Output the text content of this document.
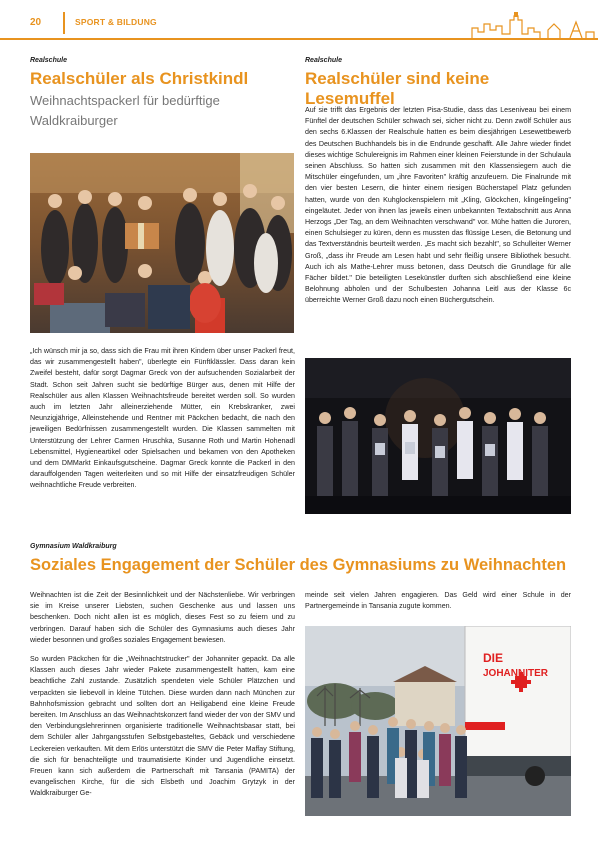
20	SPORT & BILDUNG
Realschule
Realschüler als Christkindl
Weihnachtspackerl für bedürftige Waldkraiburger

„Ich wünsch mir ja so, dass sich die Frau mit ihren Kindern über unser Packerl freut, das wir zusammengestellt haben", überlegte ein Fünftklässler. Dass daran kein Zweifel besteht, dafür sorgt Dagmar Greck von der aufsuchenden Sozialarbeit der Stadt. Schon seit Jahren sucht sie bedürftige Bürger aus, denen mit Hilfe der Realschüler aus allen Klassen Weihnachtsfreude bereitet werden soll. So wurden auch im letzten Jahr alleinerziehende Mütter, ein Krebskranker, zwei Neunzigjährige, Alleinstehende und Rentner mit Päckchen bedacht, die nach den jeweiligen Bedürfnissen zusammengestellt wurden. Die Klassen sammelten mit Unterstützung der Lehrer Carmen Hruschka, Susanne Roth und Martin Hohenadl Lebensmittel, Hygieneartikel oder Spielsachen und bekamen von den Apotheken und dem DMMarkt Einkaufsgutscheine. Dagmar Greck konnte die Packerl in den darauffolgenden Tagen weiterleiten und so mit Hilfe der einsatzfreudigen Schüler weihnachtliche Freude verbreiten.

Realschule
Realschüler sind keine Lesemuffel

Auf sie trifft das Ergebnis der letzten Pisa-Studie, dass das Leseniveau bei einem Fünftel der deutschen Schüler schwach sei, sicher nicht zu. Denn zwölf Schüler aus den sechs 6.Klassen der Realschule hatten es beim diesjährigen Lesewettbewerb des Deutschen Buchhandels bis in die Endrunde geschafft. Alle Jahre wieder findet dieses wichtige Schulereignis im Rahmen einer kleinen Feierstunde in der Schulaula seinen Abschluss. So hatten sich zusammen mit den Klassensiegern auch die Mitschüler eingefunden, um „ihre Favoriten" kräftig anzufeuern. Die Finalrunde mit den vier besten Lesern, die hinter einem riesigen Bücherstapel Platz gefunden hatten, wurde von den Kuhglockenspielern mit „Kling, Glöckchen, klingelingeling" eingeläutet. Jeder von ihnen las jeweils einen unbekannten Textabschnitt aus Anna Herzogs „Der Tag, an dem Weihnachten verschwand" vor. Mühe hatten die Juroren, einen Schulsieger zu küren, denn es mussten das flüssige Lesen, die Betonung und das Textverständnis beurteilt werden. „Es macht sich bezahlt", so Schulleiter Werner Groß, „dass ihr Freude am Lesen habt und sehr fleißig unsere Bibliothek besucht. Auch ich als Mathe-Lehrer muss betonen, dass Deutsch die Grundlage für alle Fächer bildet." Die beteiligten Lesekünstler durften sich abschließend eine kleine Belohnung abholen und der Schulbesten Johanna Leitl aus der Klasse 6c überreichte Werner Groß dazu noch einen Büchergutschein.

Gymnasium Waldkraiburg
Soziales Engagement der Schüler des Gymnasiums zu Weihnachten

Weihnachten ist die Zeit der Besinnlichkeit und der Nächstenliebe. Wir verbringen sie im Kreise unserer Liebsten, suchen Geschenke aus und lassen uns beschenken. Doch nicht allen ist es möglich, dieses Fest so zu feiern und zu verbringen. Darauf haben sich die Schüler des Gymnasiums auch dieses Jahr wieder besonnen und großes soziales Engagement bewiesen.

So wurden Päckchen für die „Weihnachtstrucker" der Johanniter gepackt. Da alle Klassen auch dieses Jahr wieder Pakete zusammengestellt hatten, kam eine beachtliche Zahl zustande. Zusätzlich spendeten viele Schüler Plätzchen und verpackten sie liebevoll in kleine Tütchen. Diese wurden dann nach München zur Bahnhofsmission gebracht und sollten dort an Heiligabend eine kleine Freude bereiten. Im Anschluss an das Weihnachtskonzert fand wieder der von der SMV und den Verbindungslehrerinnen organisierte traditionelle Weihnachtsbasar statt, bei dem Schüler aller Jahrgangsstufen Selbstgebasteltes, Gebäck und verschiedene Leckereien verkauften. Mit dem Erlös unterstützt die SMV die Peter Maffay Stiftung, die sich für benachteiligte und traumatisierte Kinder und Jugendliche einsetzt. Freuen kann sich außerdem die Partnerschaft mit Tansania (PAMITA) der evangelischen Kirche, für die sich Elsbeth und Joachim Grytzyk in der Waldkraiburger Ge-

meinde seit vielen Jahren engagieren. Das Geld wird einer Schule in der Partnergemeinde in Tansania zugute kommen.

DIE
JOHANNITER
